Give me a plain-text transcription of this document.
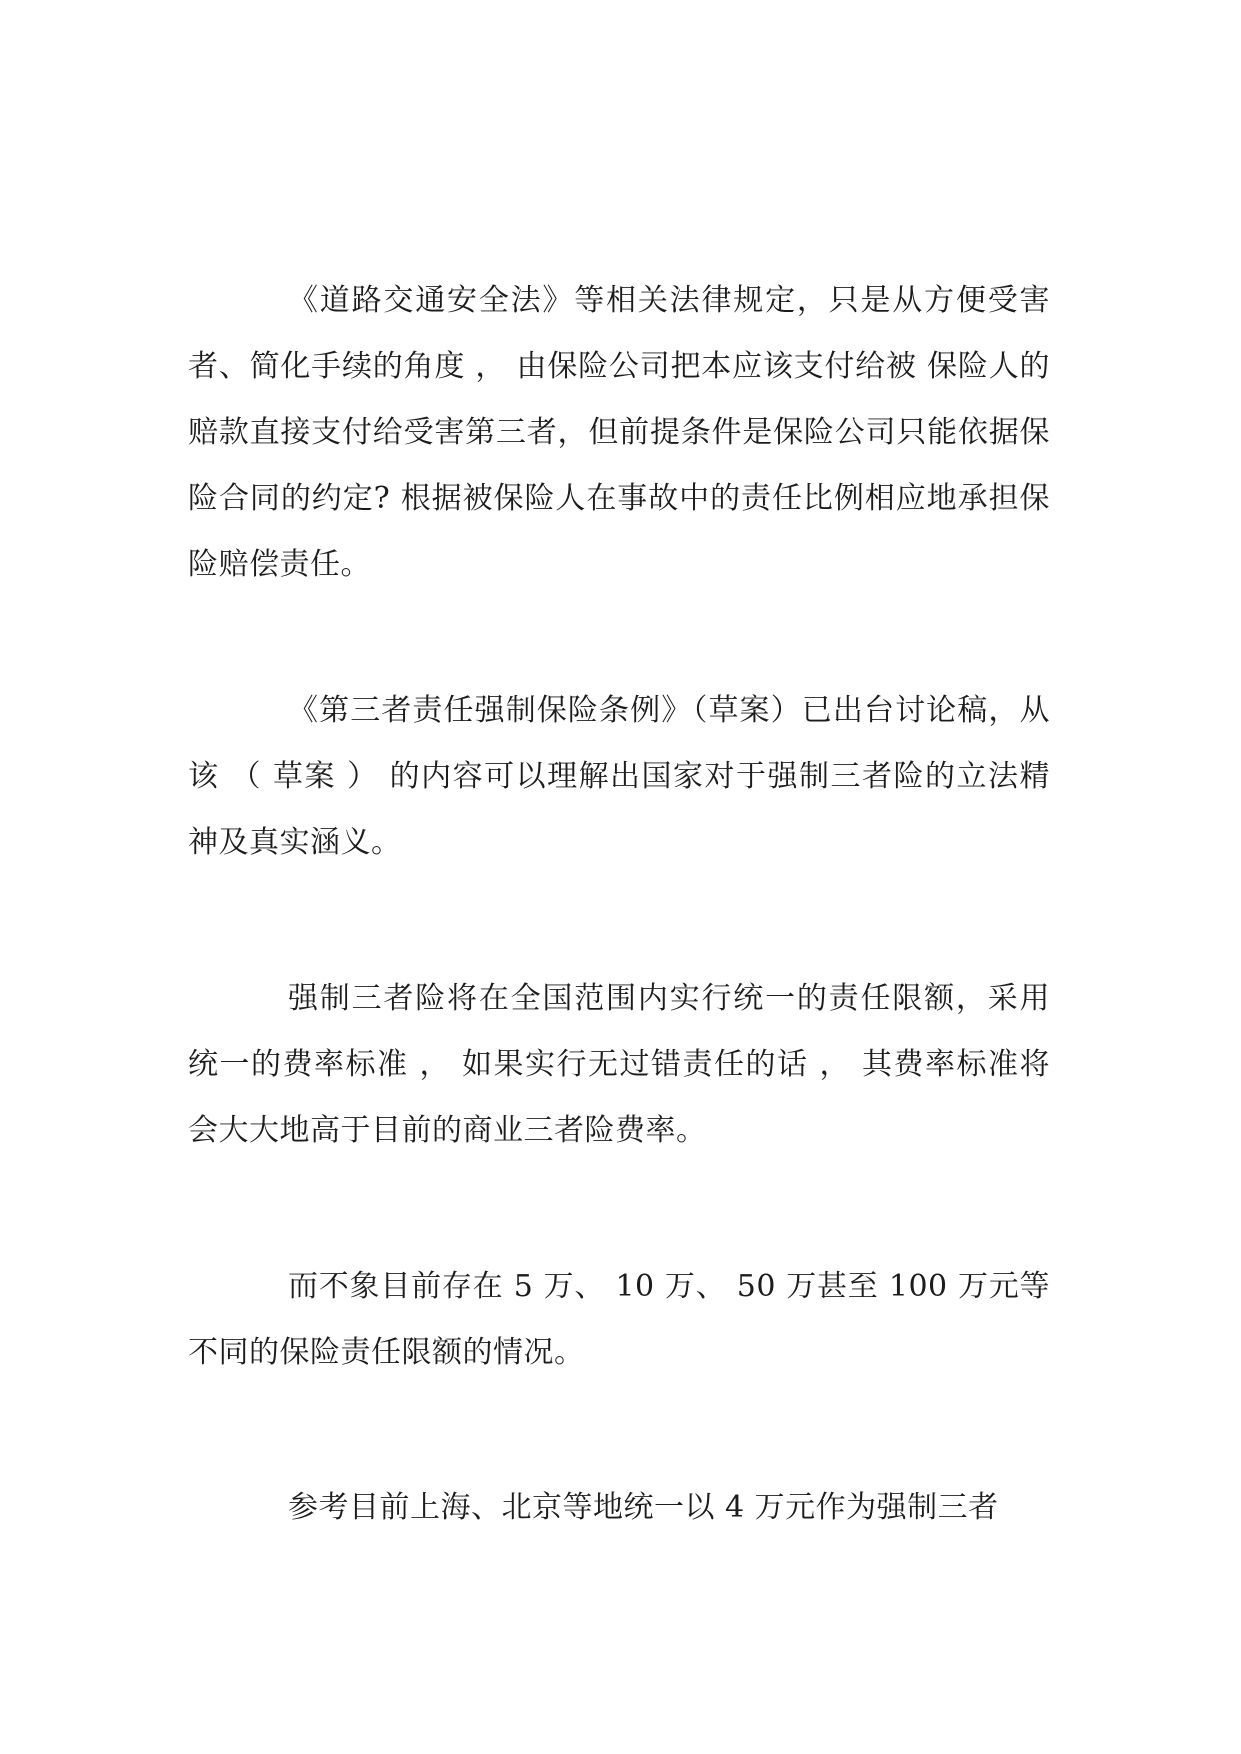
《道路交通安全法》等相关法律规定，只是从方便受害者、简化手续的角度 ， 由保险公司把本应该支付给被 保险人的赔款直接支付给受害第三者，但前提条件是保险公司只能依据保险合同的约定? 根据被保险人在事故中的责任比例相应地承担保险赔偿责任。

《第三者责任强制保险条例》（草案）已出台讨论稿，从该 （ 草案 ） 的内容可以理解出国家对于强制三者险的立法精神及真实涵义。

强制三者险将在全国范围内实行统一的责任限额，采用统一的费率标准 ， 如果实行无过错责任的话 ， 其费率标准将会大大地高于目前的商业三者险费率。

而不象目前存在 5 万、 10 万、 50 万甚至 100 万元等不同的保险责任限额的情况。

参考目前上海、北京等地统一以 4 万元作为强制三者
